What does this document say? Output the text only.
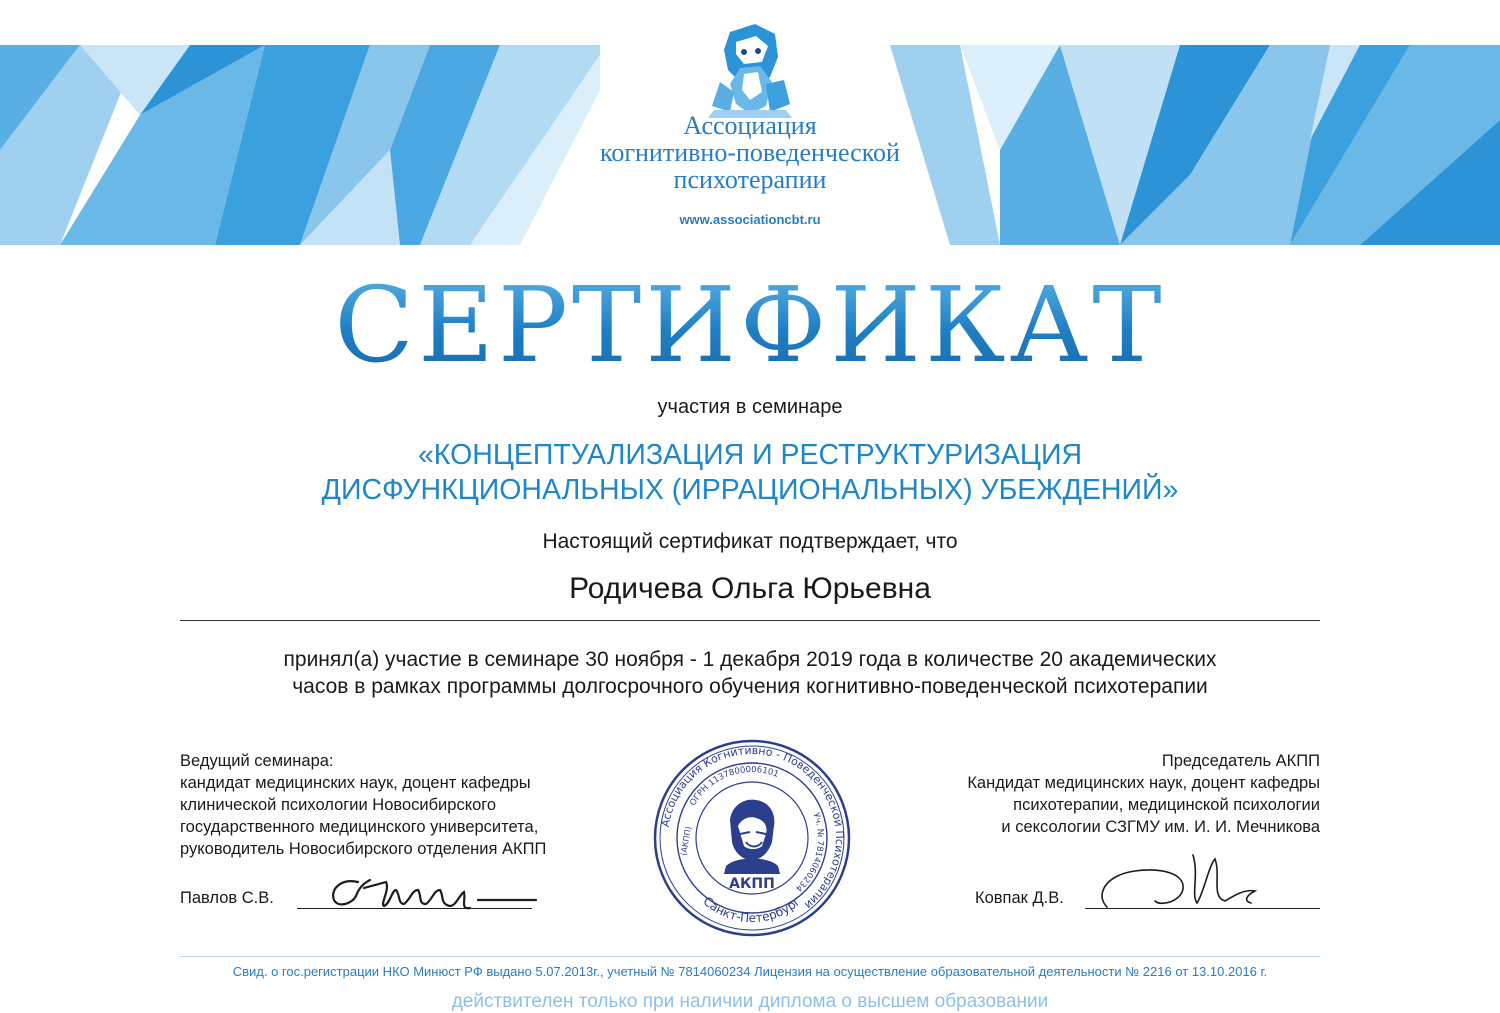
Ассоциация
когнитивно-поведенческой
психотерапии
www.associationcbt.ru
СЕРТИФИКАТ
участия в семинаре
«КОНЦЕПТУАЛИЗАЦИЯ И РЕСТРУКТУРИЗАЦИЯ
ДИСФУНКЦИОНАЛЬНЫХ (ИРРАЦИОНАЛЬНЫХ) УБЕЖДЕНИЙ»
Настоящий сертификат подтверждает, что
Родичева Ольга Юрьевна
принял(а) участие в семинаре 30 ноября - 1 декабря 2019 года в количестве 20 академических
часов в рамках программы долгосрочного обучения когнитивно-поведенческой психотерапии
Ведущий семинара:
кандидат медицинских наук, доцент кафедры
клинической психологии Новосибирского
государственного медицинского университета,
руководитель Новосибирского отделения АКПП
Председатель АКПП
Кандидат медицинских наук, доцент кафедры
психотерапии, медицинской психологии
и сексологии СЗГМУ им. И. И. Мечникова
Павлов С.В.	Ковпак Д.В.
Ассоциация Когнитивно - Поведенческой Психотерапии
ОГРН 1137800006101
Уч. № 7814060234
Санкт-Петербург
(АКПП)
АКПП
Свид. о гос.регистрации НКО Минюст РФ выдано 5.07.2013г., учетный № 7814060234 Лицензия на осуществление образовательной деятельности № 2216 от 13.10.2016 г.
действителен только при наличии диплома о высшем образовании
